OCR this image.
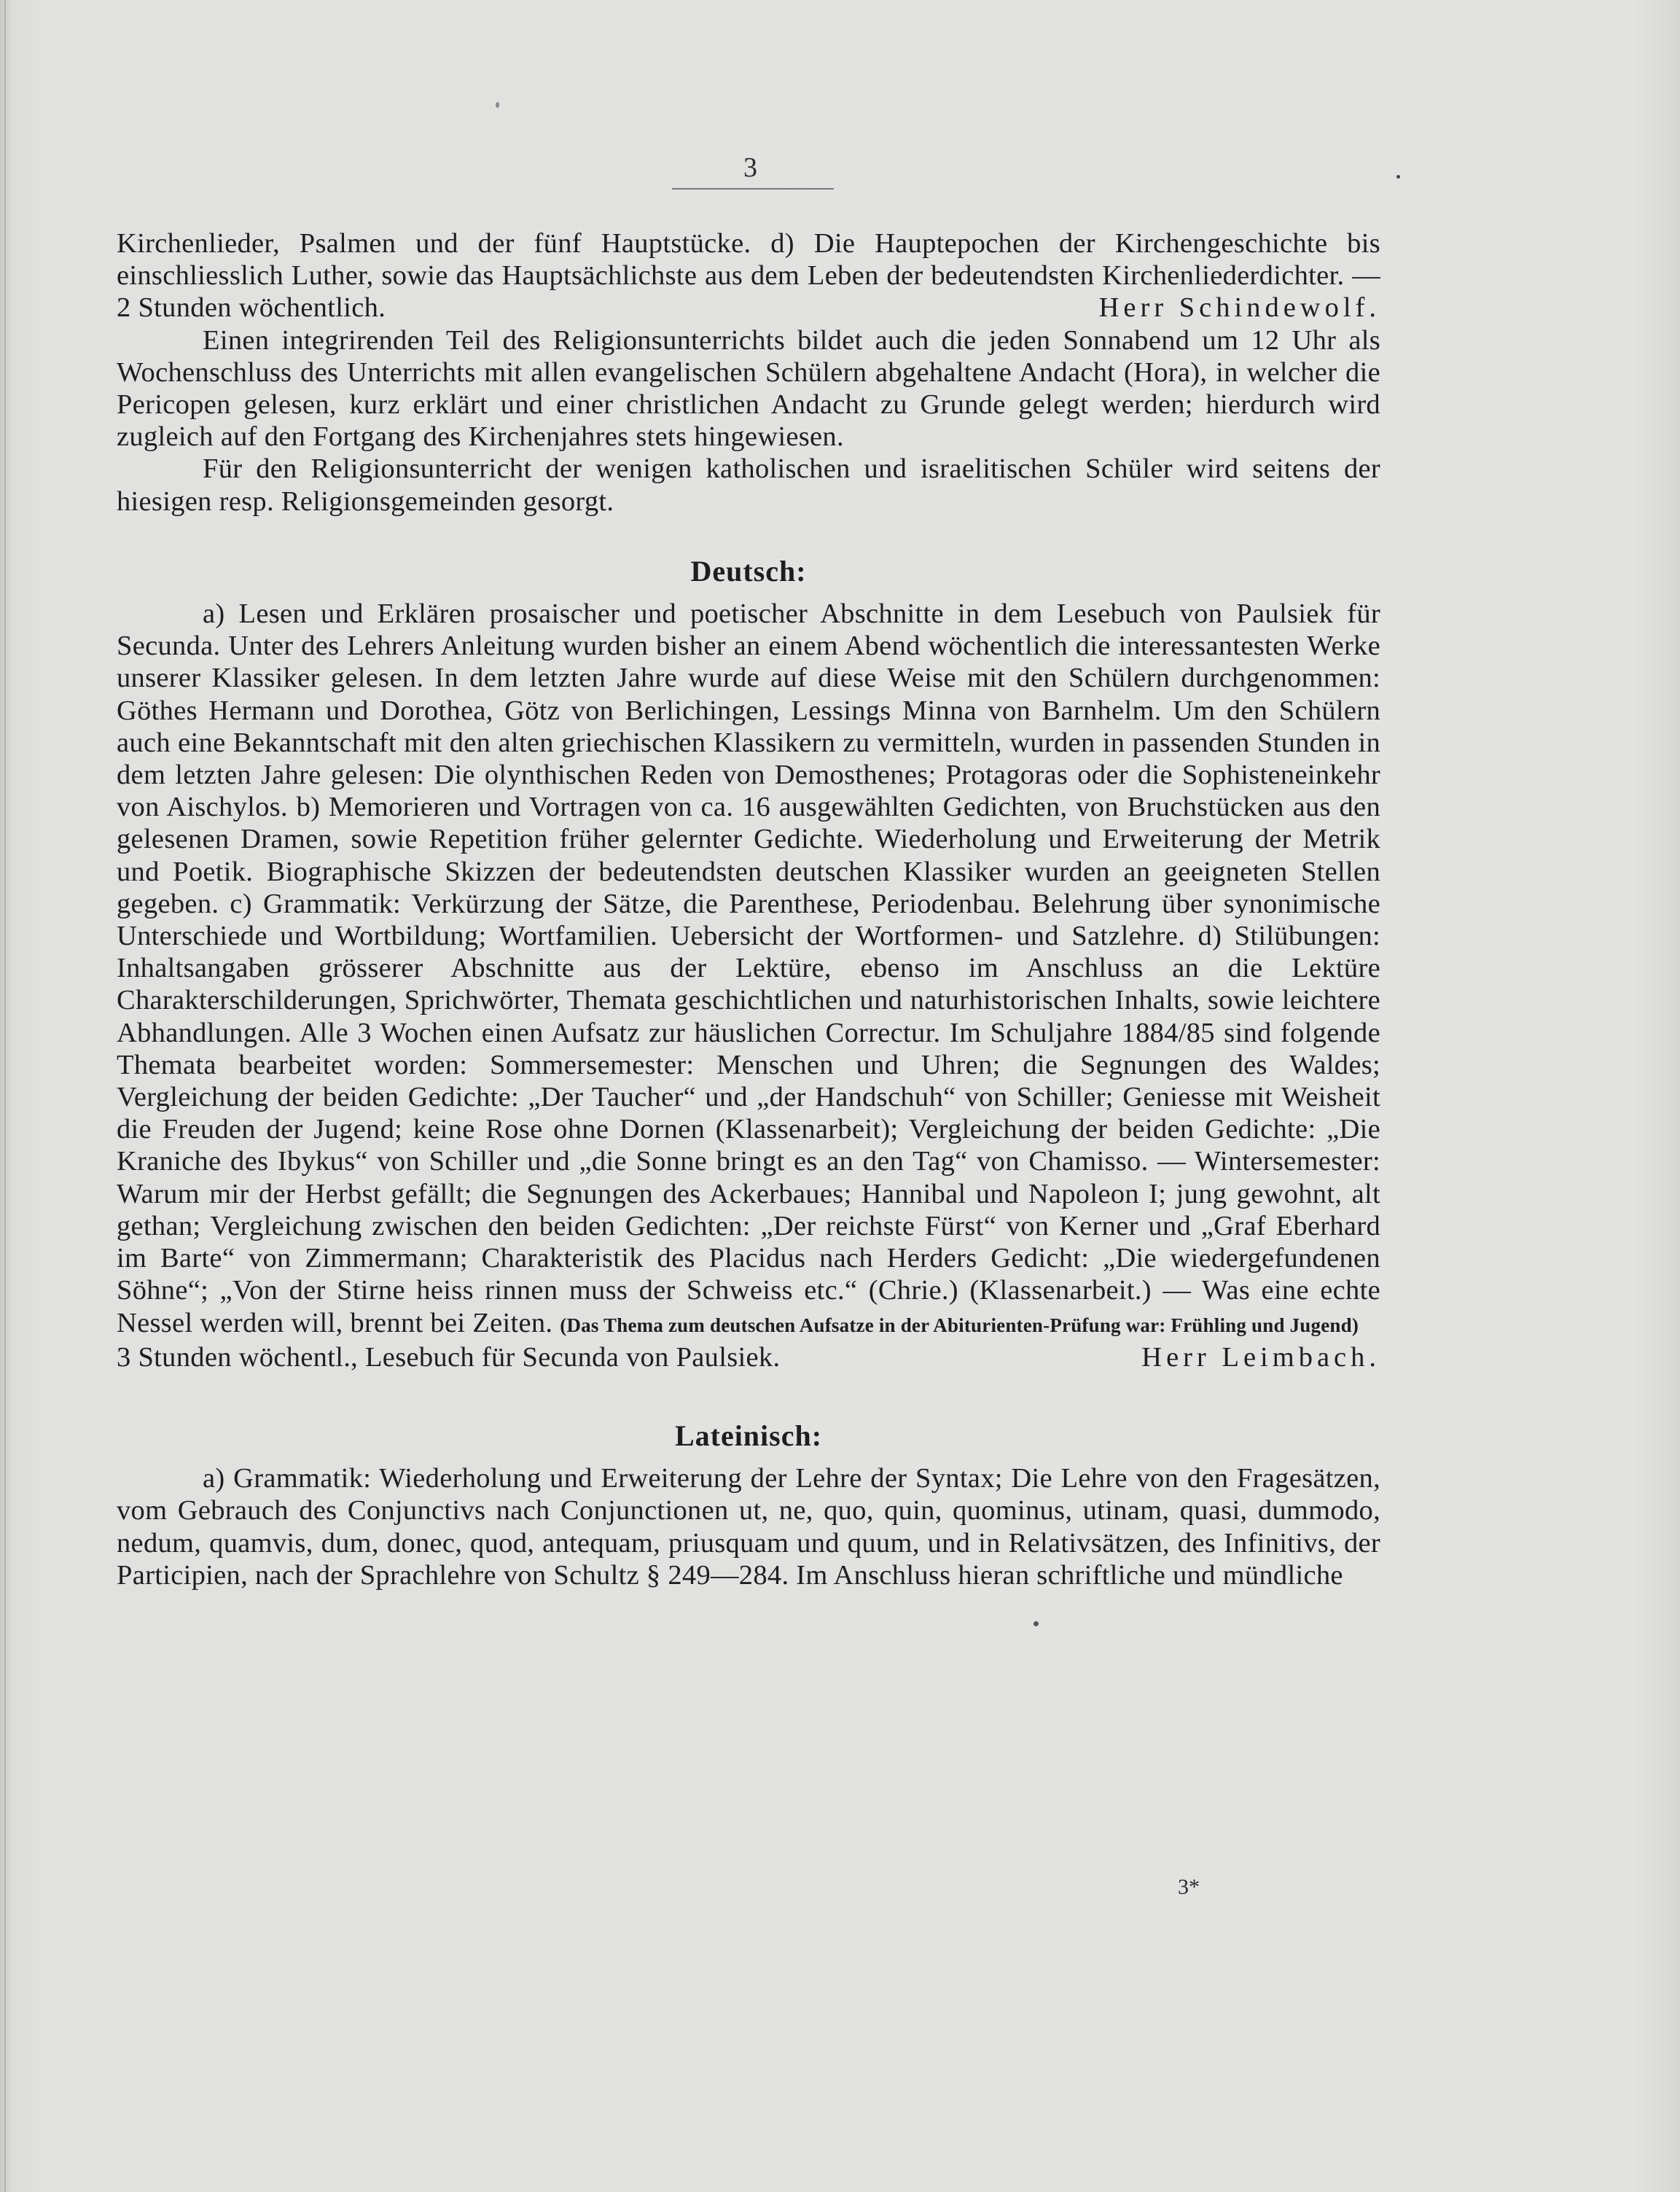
3

Kirchenlieder, Psalmen und der fünf Hauptstücke. d) Die Hauptepochen der Kirchengeschichte bis einschliesslich Luther, sowie das Hauptsächlichste aus dem Leben der bedeutendsten Kirchenliederdichter. — 2 Stunden wöchentlich.	Herr Schindewolf.

Einen integrirenden Teil des Religionsunterrichts bildet auch die jeden Sonnabend um 12 Uhr als Wochenschluss des Unterrichts mit allen evangelischen Schülern abgehaltene Andacht (Hora), in welcher die Pericopen gelesen, kurz erklärt und einer christlichen Andacht zu Grunde gelegt werden; hierdurch wird zugleich auf den Fortgang des Kirchenjahres stets hingewiesen.

Für den Religionsunterricht der wenigen katholischen und israelitischen Schüler wird seitens der hiesigen resp. Religionsgemeinden gesorgt.

Deutsch:

a) Lesen und Erklären prosaischer und poetischer Abschnitte in dem Lesebuch von Paulsiek für Secunda. Unter des Lehrers Anleitung wurden bisher an einem Abend wöchentlich die interessantesten Werke unserer Klassiker gelesen. In dem letzten Jahre wurde auf diese Weise mit den Schülern durchgenommen: Göthes Hermann und Dorothea, Götz von Berlichingen, Lessings Minna von Barnhelm. Um den Schülern auch eine Bekanntschaft mit den alten griechischen Klassikern zu vermitteln, wurden in passenden Stunden in dem letzten Jahre gelesen: Die olynthischen Reden von Demosthenes; Protagoras oder die Sophisteneinkehr von Aischylos. b) Memorieren und Vortragen von ca. 16 ausgewählten Gedichten, von Bruchstücken aus den gelesenen Dramen, sowie Repetition früher gelernter Gedichte. Wiederholung und Erweiterung der Metrik und Poetik. Biographische Skizzen der bedeutendsten deutschen Klassiker wurden an geeigneten Stellen gegeben. c) Grammatik: Verkürzung der Sätze, die Parenthese, Periodenbau. Belehrung über synonimische Unterschiede und Wortbildung; Wortfamilien. Uebersicht der Wortformen- und Satzlehre. d) Stilübungen: Inhaltsangaben grösserer Abschnitte aus der Lektüre, ebenso im Anschluss an die Lektüre Charakterschilderungen, Sprichwörter, Themata geschichtlichen und naturhistorischen Inhalts, sowie leichtere Abhandlungen. Alle 3 Wochen einen Aufsatz zur häuslichen Correctur. Im Schuljahre 1884/85 sind folgende Themata bearbeitet worden: Sommersemester: Menschen und Uhren; die Segnungen des Waldes; Vergleichung der beiden Gedichte: „Der Taucher“ und „der Handschuh“ von Schiller; Geniesse mit Weisheit die Freuden der Jugend; keine Rose ohne Dornen (Klassenarbeit); Vergleichung der beiden Gedichte: „Die Kraniche des Ibykus“ von Schiller und „die Sonne bringt es an den Tag“ von Chamisso. — Wintersemester: Warum mir der Herbst gefällt; die Segnungen des Ackerbaues; Hannibal und Napoleon I; jung gewohnt, alt gethan; Vergleichung zwischen den beiden Gedichten: „Der reichste Fürst“ von Kerner und „Graf Eberhard im Barte“ von Zimmermann; Charakteristik des Placidus nach Herders Gedicht: „Die wiedergefundenen Söhne“; „Von der Stirne heiss rinnen muss der Schweiss etc.“ (Chrie.) (Klassenarbeit.) — Was eine echte Nessel werden will, brennt bei Zeiten. (Das Thema zum deutschen Aufsatze in der Abiturienten-Prüfung war: Frühling und Jugend)

3 Stunden wöchentl., Lesebuch für Secunda von Paulsiek.	Herr Leimbach.

Lateinisch:

a) Grammatik: Wiederholung und Erweiterung der Lehre der Syntax; Die Lehre von den Fragesätzen, vom Gebrauch des Conjunctivs nach Conjunctionen ut, ne, quo, quin, quominus, utinam, quasi, dummodo, nedum, quamvis, dum, donec, quod, antequam, priusquam und quum, und in Relativsätzen, des Infinitivs, der Participien, nach der Sprachlehre von Schultz § 249—284. Im Anschluss hieran schriftliche und mündliche

3*
